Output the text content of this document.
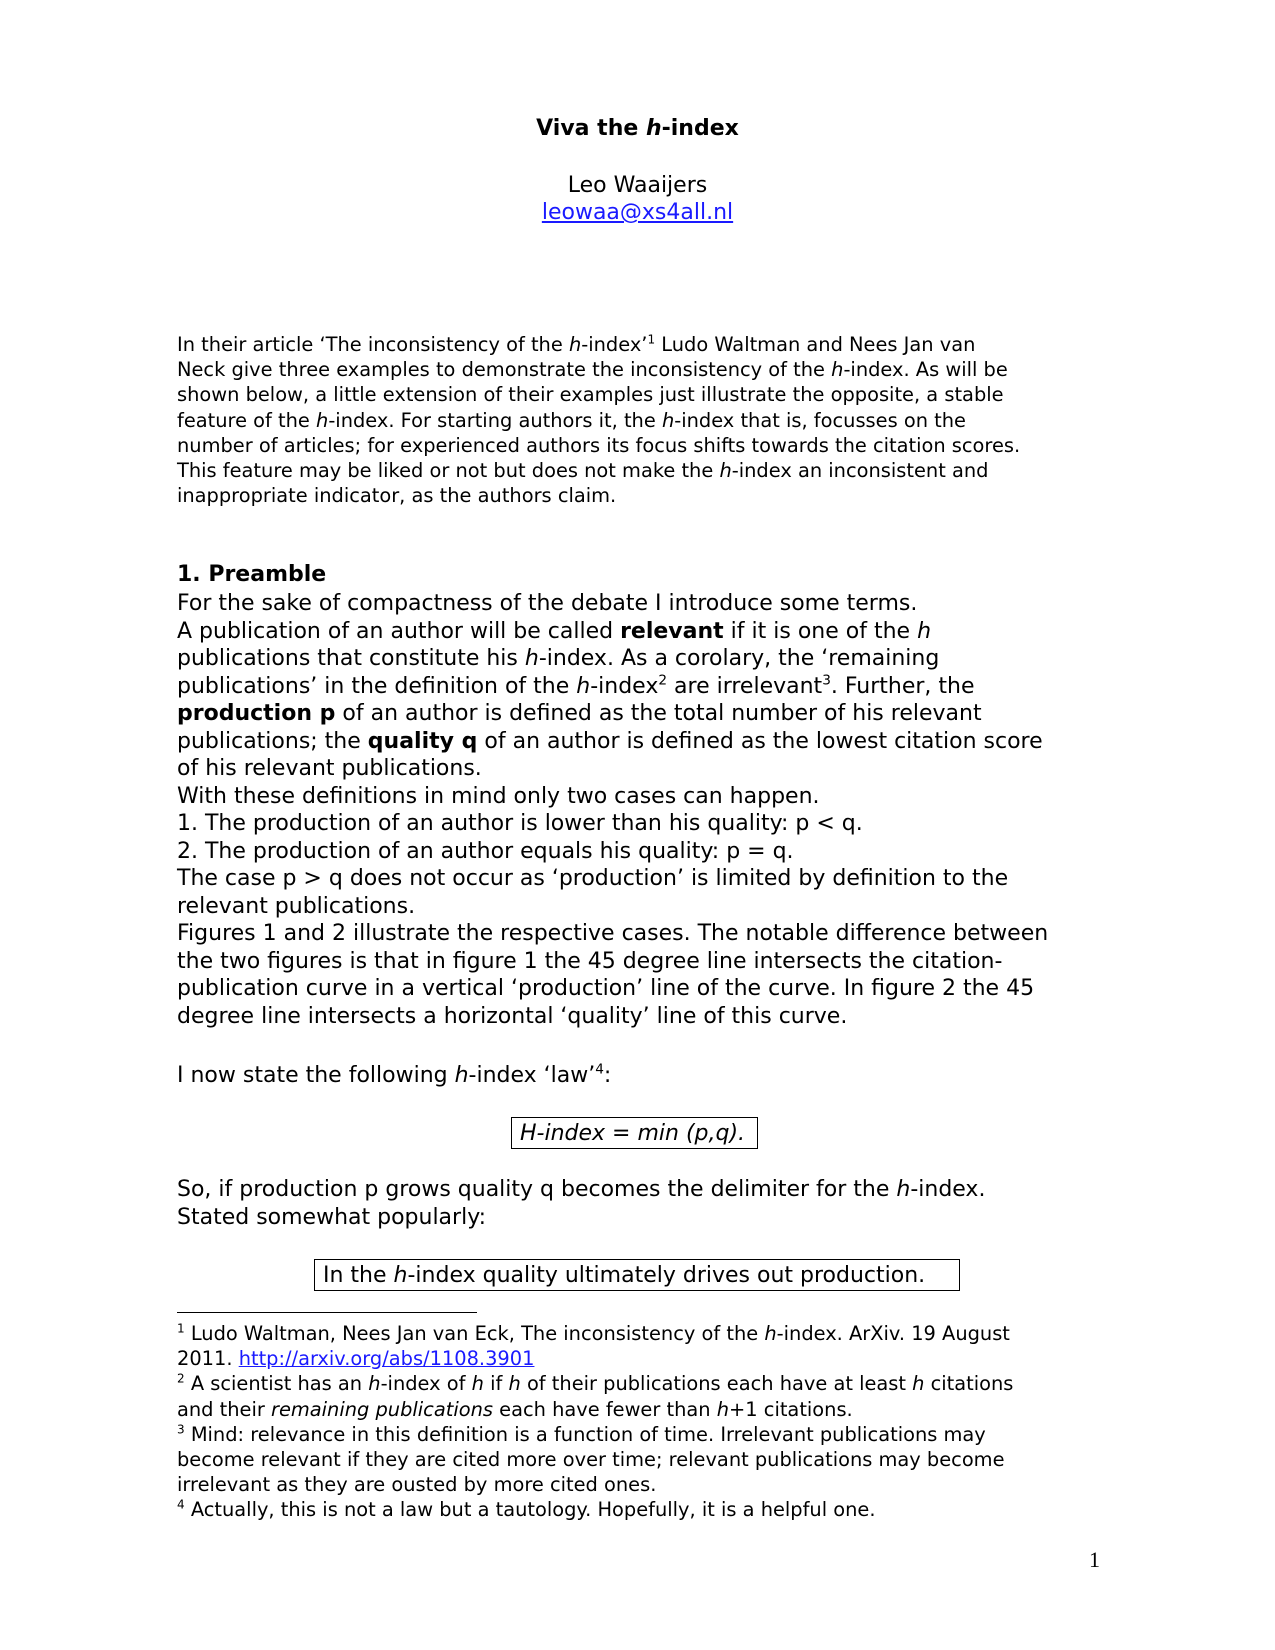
Viva the h-index
Leo Waaijers
leowaa@xs4all.nl
In their article ‘The inconsistency of the h-index’$^1$ Ludo Waltman and Nees Jan van
Neck give three examples to demonstrate the inconsistency of the h-index. As will be
shown below, a little extension of their examples just illustrate the opposite, a stable
feature of the h-index. For starting authors it, the h-index that is, focusses on the
number of articles; for experienced authors its focus shifts towards the citation scores.
This feature may be liked or not but does not make the h-index an inconsistent and
inappropriate indicator, as the authors claim.
1. Preamble
For the sake of compactness of the debate I introduce some terms.
A publication of an author will be called relevant if it is one of the h
publications that constitute his h-index. As a corolary, the ‘remaining
publications’ in the definition of the h-index$^2$ are irrelevant$^3$. Further, the
production p of an author is defined as the total number of his relevant
publications; the quality q of an author is defined as the lowest citation score
of his relevant publications.
With these definitions in mind only two cases can happen.
1. The production of an author is lower than his quality: p < q.
2. The production of an author equals his quality: p = q.
The case p > q does not occur as ‘production’ is limited by definition to the
relevant publications.
Figures 1 and 2 illustrate the respective cases. The notable difference between
the two figures is that in figure 1 the 45 degree line intersects the citation-
publication curve in a vertical ‘production’ line of the curve. In figure 2 the 45
degree line intersects a horizontal ‘quality’ line of this curve.
I now state the following h-index ‘law’$^4$:
H-index = min (p,q).
So, if production p grows quality q becomes the delimiter for the h-index.
Stated somewhat popularly:
In the h-index quality ultimately drives out production.
$^1$ Ludo Waltman, Nees Jan van Eck, The inconsistency of the h-index. ArXiv. 19 August
2011. http://arxiv.org/abs/1108.3901
$^2$ A scientist has an h-index of h if h of their publications each have at least h citations
and their remaining publications each have fewer than h+1 citations.
$^3$ Mind: relevance in this definition is a function of time. Irrelevant publications may
become relevant if they are cited more over time; relevant publications may become
irrelevant as they are ousted by more cited ones.
$^4$ Actually, this is not a law but a tautology. Hopefully, it is a helpful one.
1
